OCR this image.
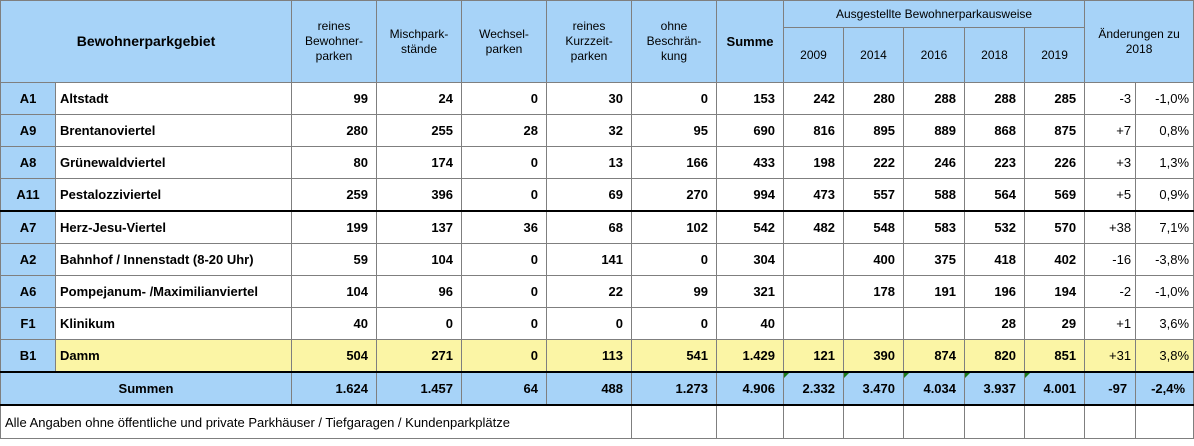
Bewohnerparkgebiet		reines Bewohner-parken	Mischpark-stände	Wechsel-parken	reines Kurzzeit-parken	ohne Beschrän-kung	Summe	Ausgestellte Bewohnerparkausweise					Änderungen zu 2018	
								2009	2014	2016	2018	2019		
A1	Altstadt	99	24	0	30	0	153	242	280	288	288	285	-3	-1,0%
A9	Brentanoviertel	280	255	28	32	95	690	816	895	889	868	875	+7	0,8%
A8	Grünewaldviertel	80	174	0	13	166	433	198	222	246	223	226	+3	1,3%
A11	Pestalozziviertel	259	396	0	69	270	994	473	557	588	564	569	+5	0,9%
A7	Herz-Jesu-Viertel	199	137	36	68	102	542	482	548	583	532	570	+38	7,1%
A2	Bahnhof / Innenstadt (8-20 Uhr)	59	104	0	141	0	304		400	375	418	402	-16	-3,8%
A6	Pompejanum- /Maximilianviertel	104	96	0	22	99	321		178	191	196	194	-2	-1,0%
F1	Klinikum	40	0	0	0	0	40				28	29	+1	3,6%
B1	Damm	504	271	0	113	541	1.429	121	390	874	820	851	+31	3,8%
Summen		1.624	1.457	64	488	1.273	4.906	2.332	3.470	4.034	3.937	4.001	-97	-2,4%
Alle Angaben ohne öffentliche und private Parkhäuser / Tiefgaragen / Kundenparkplätze														
